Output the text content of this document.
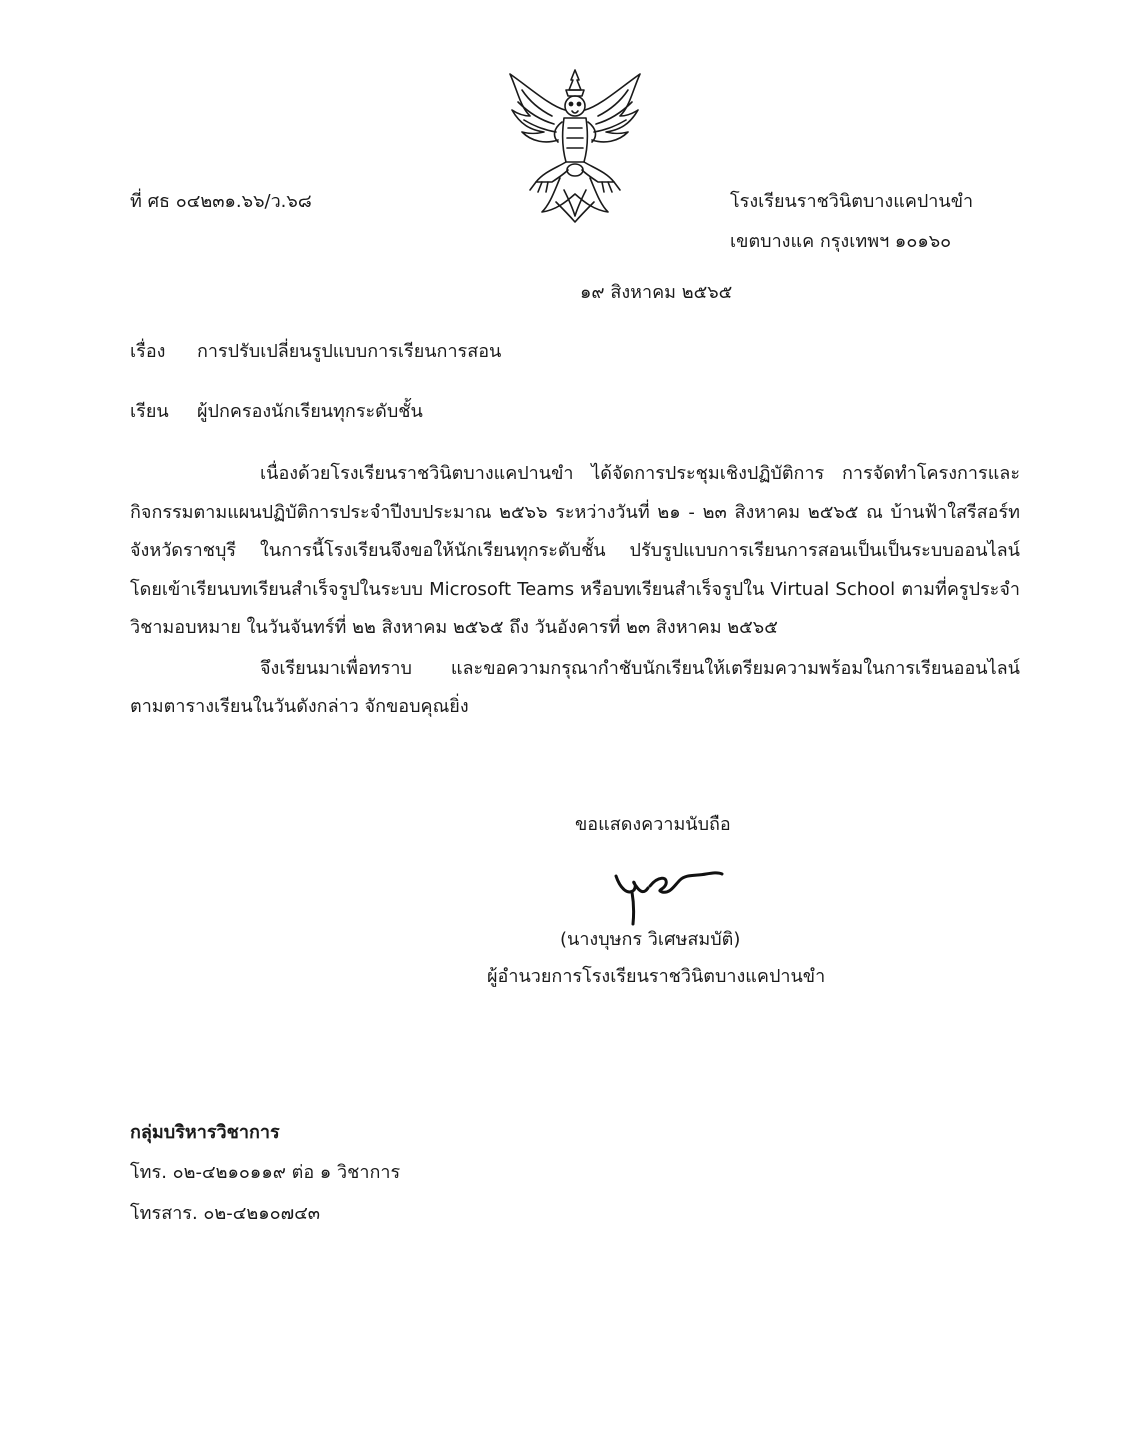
ที่ ศธ ๐๔๒๓๑.๖๖/ว.๖๘	โรงเรียนราชวินิตบางแคปานขำ
เขตบางแค กรุงเทพฯ ๑๐๑๖๐
๑๙ สิงหาคม ๒๕๖๕
เรื่อง การปรับเปลี่ยนรูปแบบการเรียนการสอน
เรียน ผู้ปกครองนักเรียนทุกระดับชั้น

เนื่องด้วยโรงเรียนราชวินิตบางแคปานขำ ได้จัดการประชุมเชิงปฏิบัติการ การจัดทำโครงการและกิจกรรมตามแผนปฏิบัติการประจำปีงบประมาณ ๒๕๖๖ ระหว่างวันที่ ๒๑ - ๒๓ สิงหาคม ๒๕๖๕ ณ บ้านฟ้าใสรีสอร์ท จังหวัดราชบุรี ในการนี้โรงเรียนจึงขอให้นักเรียนทุกระดับชั้น ปรับรูปแบบการเรียนการสอนเป็นเป็นระบบออนไลน์ โดยเข้าเรียนบทเรียนสำเร็จรูปในระบบ Microsoft Teams หรือบทเรียนสำเร็จรูปใน Virtual School ตามที่ครูประจำวิชามอบหมาย ในวันจันทร์ที่ ๒๒ สิงหาคม ๒๕๖๕ ถึง วันอังคารที่ ๒๓ สิงหาคม ๒๕๖๕

จึงเรียนมาเพื่อทราบ และขอความกรุณากำชับนักเรียนให้เตรียมความพร้อมในการเรียนออนไลน์ตามตารางเรียนในวันดังกล่าว จักขอบคุณยิ่ง

ขอแสดงความนับถือ
(นางบุษกร วิเศษสมบัติ)
ผู้อำนวยการโรงเรียนราชวินิตบางแคปานขำ
กลุ่มบริหารวิชาการ
โทร. ๐๒-๔๒๑๐๑๑๙ ต่อ ๑ วิชาการ
โทรสาร. ๐๒-๔๒๑๐๗๔๓
